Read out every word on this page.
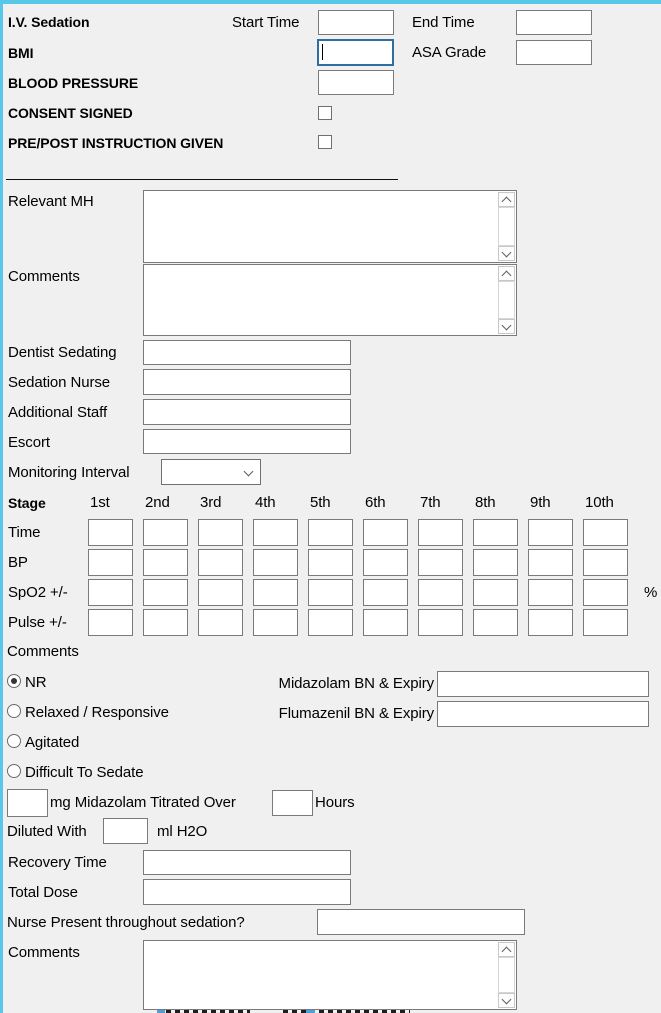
I.V. Sedation	Start Time	End Time
BMI	ASA Grade
BLOOD PRESSURE
CONSENT SIGNED
PRE/POST INSTRUCTION GIVEN
Relevant MH
Comments
Dentist Sedating
Sedation Nurse
Additional Staff
Escort
Monitoring Interval
Stage	1st	2nd	3rd	4th	5th	6th	7th	8th	9th	10th
Time
BP
SpO2 +/-	%
Pulse +/-
Comments
NR
Relaxed / Responsive
Agitated
Difficult To Sedate
Midazolam BN & Expiry
Flumazenil BN & Expiry
mg Midazolam Titrated Over	Hours
Diluted With	ml H2O
Recovery Time
Total Dose
Nurse Present throughout sedation?
Comments
